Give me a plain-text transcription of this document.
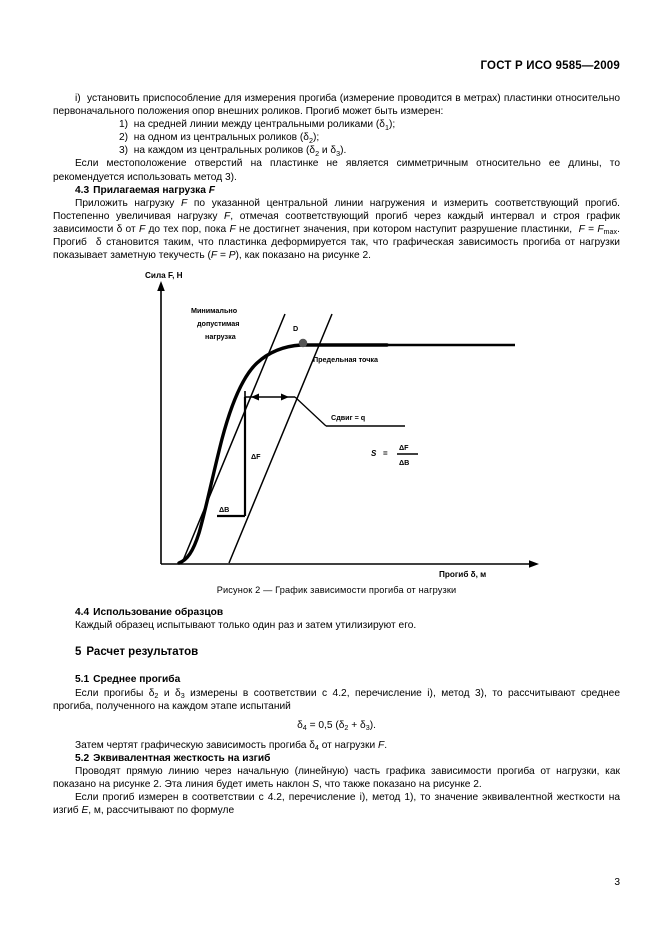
ГОСТ Р ИСО 9585—2009

i)  установить приспособление для измерения прогиба (измерение проводится в метрах) пластинки относительно первоначального положения опор внешних роликов. Прогиб может быть измерен:

1)  на средней линии между центральными роликами $(\delta_1)$;

2)  на одном из центральных роликов $(\delta_2)$;

3)  на каждом из центральных роликов ($\delta_2$ и $\delta_3$).

Если местоположение отверстий на пластинке не является симметричным относительно ее длины, то рекомендуется использовать метод 3).

4.3 Прилагаемая нагрузка F

Приложить нагрузку F по указанной центральной линии нагружения и измерить соответствующий прогиб. Постепенно увеличивая нагрузку F, отмечая соответствующий прогиб через каждый интервал и строя график зависимости δ от F до тех пор, пока F не достигнет значения, при котором наступит разрушение пластинки,  $F = F_{max}$. Прогиб  δ становится таким, что пластинка деформируется так, что графическая зависимость прогиба от нагрузки показывает заметную текучесть (F = P), как показано на рисунке 2.

Сила F, Н
Прогиб δ, м
Минимально
допустимая
нагрузка
Предельная точка
D
Сдвиг = q
ΔF
ΔB
S =
ΔF
ΔB
Рисунок 2 — График зависимости прогиба от нагрузки
4.4 Использование образцов

Каждый образец испытывают только один раз и затем утилизируют его.

5 Расчет результатов
5.1 Среднее прогиба

Если прогибы $\delta_2$ и $\delta_3$ измерены в соответствии с 4.2, перечисление i), метод 3), то рассчитывают среднее прогиба, полученного на каждом этапе испытаний

$\delta_4 = 0,5$ $(\delta_2 + \delta_3)$.

Затем чертят графическую зависимость прогиба $\delta_4$ от нагрузки F.

5.2 Эквивалентная жесткость на изгиб

Проводят прямую линию через начальную (линейную) часть графика зависимости прогиба от нагрузки, как показано на рисунке 2. Эта линия будет иметь наклон S, что также показано на рисунке 2.

Если прогиб измерен в соответствии с 4.2, перечисление i), метод 1), то значение эквивалентной жесткости на изгиб E, м, рассчитывают по формуле

3
